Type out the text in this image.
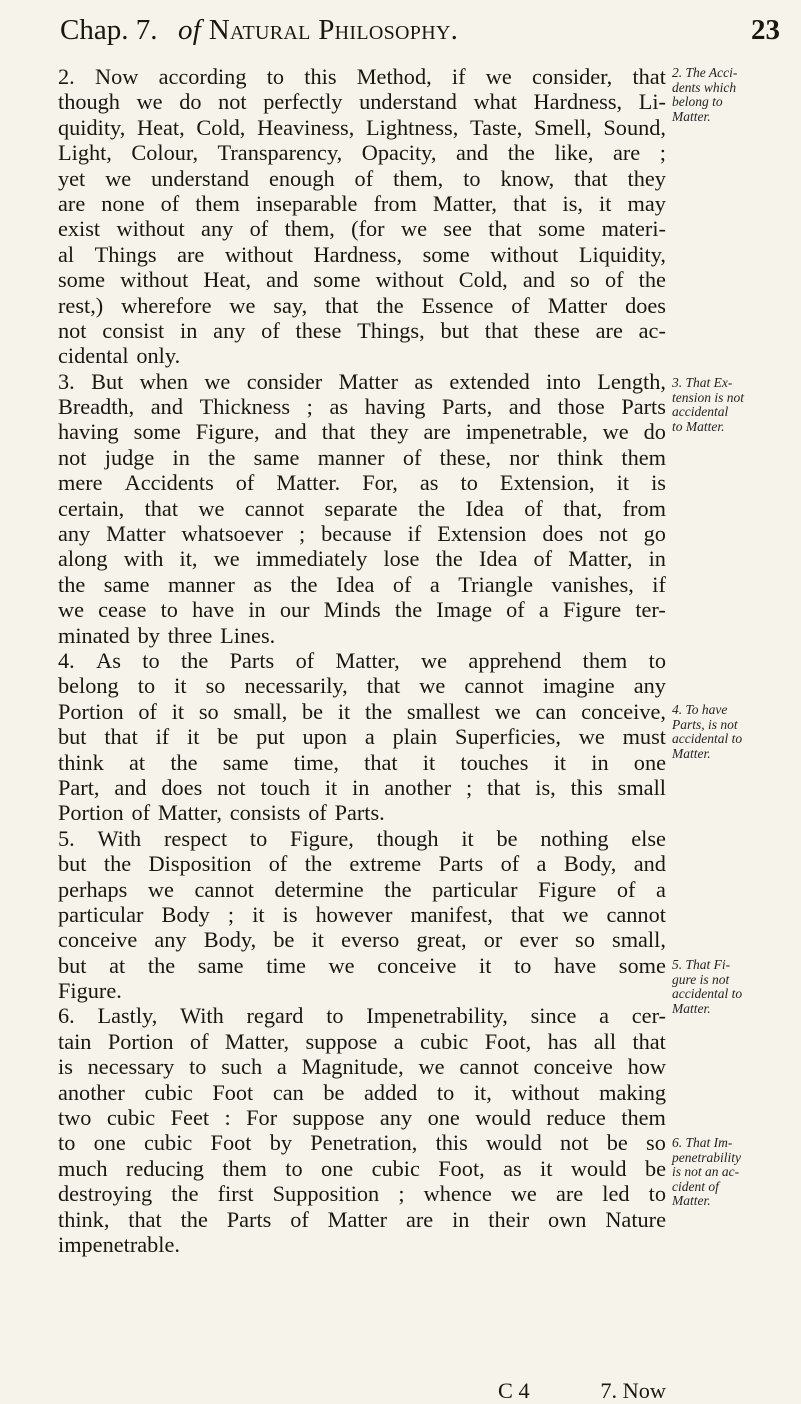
Chap. 7. of Natural Philosophy.	23
2. Now according to this Method, if we consider, that
though we do not perfectly understand what Hardness, Li-
quidity, Heat, Cold, Heaviness, Lightness, Taste, Smell, Sound,
Light, Colour, Transparency, Opacity, and the like, are ;
yet we understand enough of them, to know, that they
are none of them inseparable from Matter, that is, it may
exist without any of them, (for we see that some materi-
al Things are without Hardness, some without Liquidity,
some without Heat, and some without Cold, and so of the
rest,) wherefore we say, that the Essence of Matter does
not consist in any of these Things, but that these are ac-
cidental only.
3. But when we consider Matter as extended into Length,
Breadth, and Thickness ; as having Parts, and those Parts
having some Figure, and that they are impenetrable, we do
not judge in the same manner of these, nor think them
mere Accidents of Matter. For, as to Extension, it is
certain, that we cannot separate the Idea of that, from
any Matter whatsoever ; because if Extension does not go
along with it, we immediately lose the Idea of Matter, in
the same manner as the Idea of a Triangle vanishes, if
we cease to have in our Minds the Image of a Figure ter-
minated by three Lines.
4. As to the Parts of Matter, we apprehend them to
belong to it so necessarily, that we cannot imagine any
Portion of it so small, be it the smallest we can conceive,
but that if it be put upon a plain Superficies, we must
think at the same time, that it touches it in one
Part, and does not touch it in another ; that is, this small
Portion of Matter, consists of Parts.
5. With respect to Figure, though it be nothing else
but the Disposition of the extreme Parts of a Body, and
perhaps we cannot determine the particular Figure of a
particular Body ; it is however manifest, that we cannot
conceive any Body, be it everso great, or ever so small,
but at the same time we conceive it to have some
Figure.
6. Lastly, With regard to Impenetrability, since a cer-
tain Portion of Matter, suppose a cubic Foot, has all that
is necessary to such a Magnitude, we cannot conceive how
another cubic Foot can be added to it, without making
two cubic Feet : For suppose any one would reduce them
to one cubic Foot by Penetration, this would not be so
much reducing them to one cubic Foot, as it would be
destroying the first Supposition ; whence we are led to
think, that the Parts of Matter are in their own Nature
impenetrable.
2. The Acci-
dents which
belong to
Matter.
3. That Ex-
tension is not
accidental
to Matter.
4. To have
Parts, is not
accidental to
Matter.
5. That Fi-
gure is not
accidental to
Matter.
6. That Im-
penetrability
is not an ac-
cident of
Matter.
C 4	7. Now
